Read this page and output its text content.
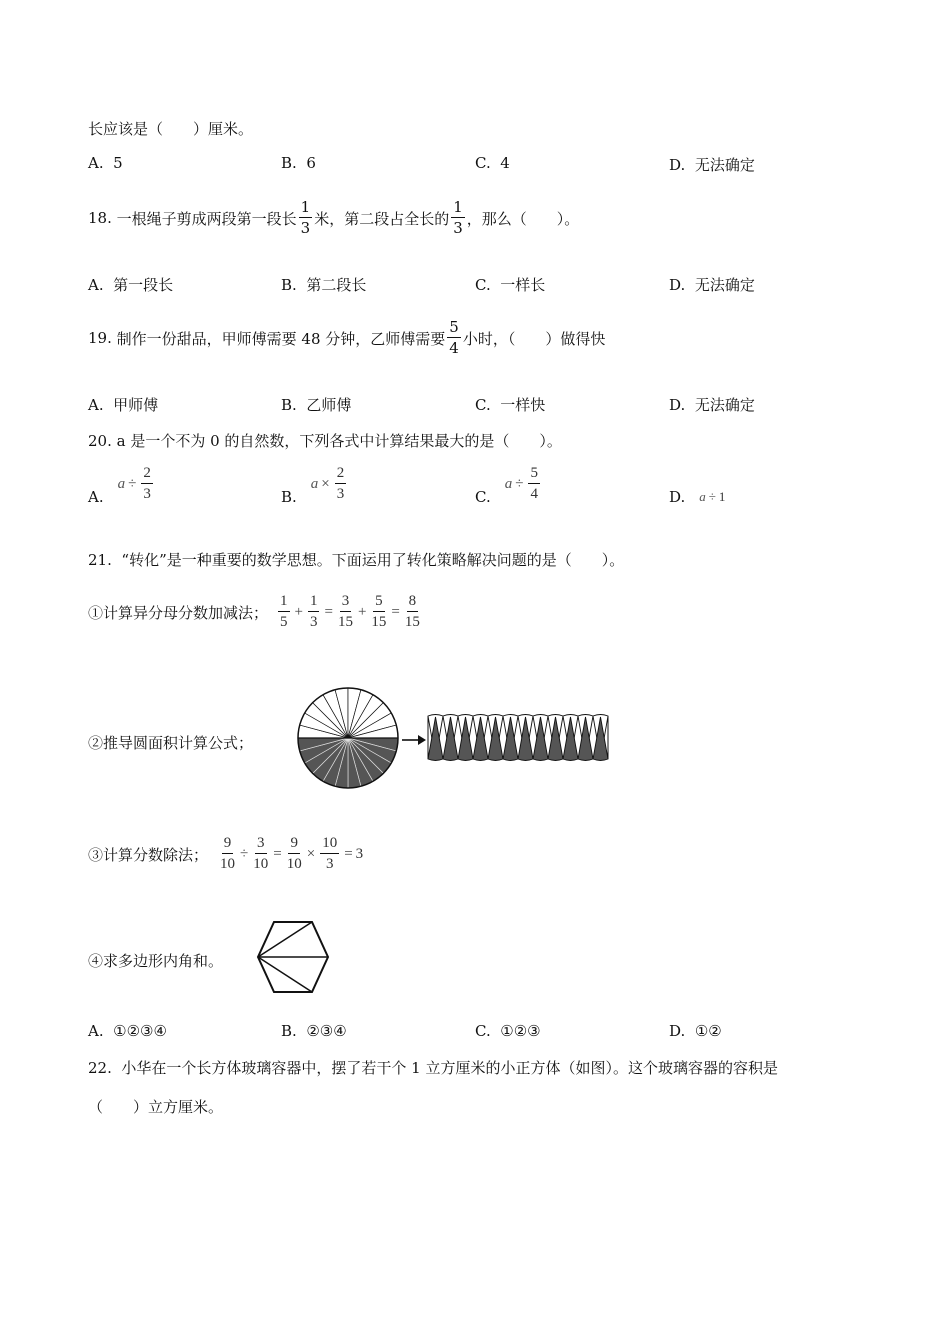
长应该是（　　）厘米。
A. 5	B. 6	C. 4	D. 无法确定
18.
一根绳子剪成两段第一段长 $\frac{1}{3}$ 米，第二段占全长的 $\frac{1}{3}$ ，那么（　　）。
A. 第一段长	B. 第二段长	C. 一样长	D. 无法确定
19.
制作一份甜品，甲师傅需要 48 分钟，乙师傅需要 $\frac{5}{4}$ 小时，（　　）做得快
A. 甲师傅	B. 乙师傅	C. 一样快	D. 无法确定
20. a 是一个不为 0 的自然数，下列各式中计算结果最大的是（　　）。
A.
$a \div \frac{2}{3}$	B.
$a \times \frac{2}{3}$	C.
$a \div \frac{5}{4}$	D. a ÷ 1
21. “转化”是一种重要的数学思想。下面运用了转化策略解决问题的是（　　）。
①计算异分母分数加减法； $\frac{1}{5} + \frac{1}{3} = \frac{3}{15} + \frac{5}{15} = \frac{8}{15}$
②推导圆面积计算公式；
③计算分数除法； $\frac{9}{10} \div \frac{3}{10} = \frac{9}{10} \times \frac{10}{3} = 3$
④求多边形内角和。
A. ①②③④	B. ②③④	C. ①②③	D. ①②
22. 小华在一个长方体玻璃容器中，摆了若干个 1 立方厘米的小正方体（如图）。这个玻璃容器的容积是
（　　）立方厘米。
